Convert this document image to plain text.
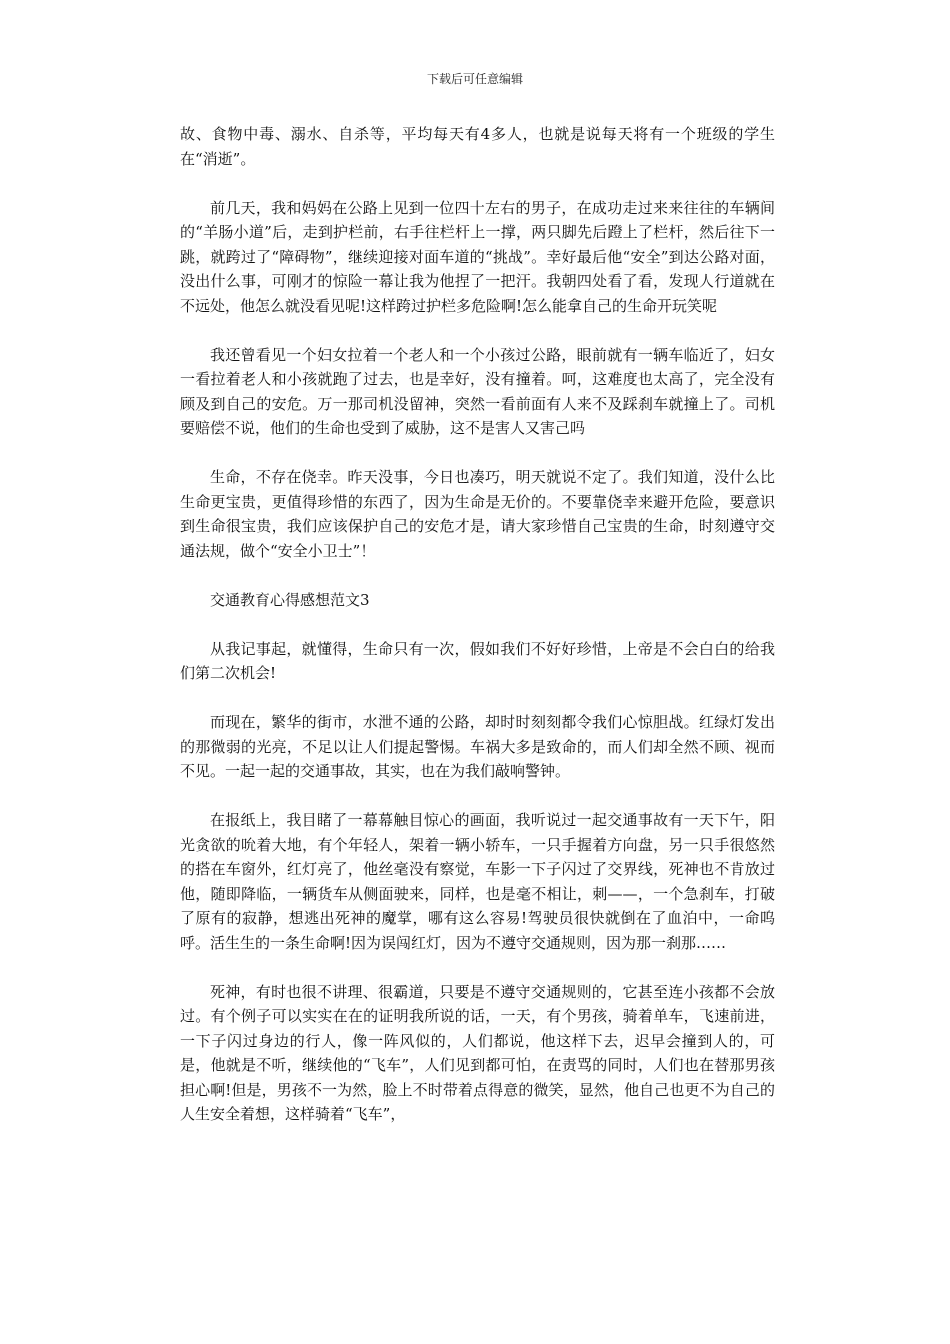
下载后可任意编辑

故、食物中毒、溺水、自杀等，平均每天有4多人，也就是说每天将有一个班级的学生在“消逝”。

前几天，我和妈妈在公路上见到一位四十左右的男子，在成功走过来来往往的车辆间的“羊肠小道”后，走到护栏前，右手往栏杆上一撑，两只脚先后蹬上了栏杆，然后往下一跳，就跨过了“障碍物”，继续迎接对面车道的“挑战”。幸好最后他“安全”到达公路对面，没出什么事，可刚才的惊险一幕让我为他捏了一把汗。我朝四处看了看，发现人行道就在不远处，他怎么就没看见呢!这样跨过护栏多危险啊!怎么能拿自己的生命开玩笑呢

我还曾看见一个妇女拉着一个老人和一个小孩过公路，眼前就有一辆车临近了，妇女一看拉着老人和小孩就跑了过去，也是幸好，没有撞着。呵，这难度也太高了，完全没有顾及到自己的安危。万一那司机没留神，突然一看前面有人来不及踩刹车就撞上了。司机要赔偿不说，他们的生命也受到了威胁，这不是害人又害己吗

生命，不存在侥幸。昨天没事，今日也凑巧，明天就说不定了。我们知道，没什么比生命更宝贵，更值得珍惜的东西了，因为生命是无价的。不要靠侥幸来避开危险，要意识到生命很宝贵，我们应该保护自己的安危才是，请大家珍惜自己宝贵的生命，时刻遵守交通法规，做个“安全小卫士”！

交通教育心得感想范文3

从我记事起，就懂得，生命只有一次，假如我们不好好珍惜，上帝是不会白白的给我们第二次机会!

而现在，繁华的街市，水泄不通的公路，却时时刻刻都令我们心惊胆战。红绿灯发出的那微弱的光亮，不足以让人们提起警惕。车祸大多是致命的，而人们却全然不顾、视而不见。一起一起的交通事故，其实，也在为我们敲响警钟。

在报纸上，我目睹了一幕幕触目惊心的画面，我听说过一起交通事故有一天下午，阳光贪欲的吮着大地，有个年轻人，架着一辆小轿车，一只手握着方向盘，另一只手很悠然的搭在车窗外，红灯亮了，他丝毫没有察觉，车影一下子闪过了交界线，死神也不肯放过他，随即降临，一辆货车从侧面驶来，同样，也是毫不相让，刺——，一个急刹车，打破了原有的寂静，想逃出死神的魔掌，哪有这么容易!驾驶员很快就倒在了血泊中，一命呜呼。活生生的一条生命啊!因为误闯红灯，因为不遵守交通规则，因为那一刹那……

死神，有时也很不讲理、很霸道，只要是不遵守交通规则的，它甚至连小孩都不会放过。有个例子可以实实在在的证明我所说的话，一天，有个男孩，骑着单车，飞速前进，一下子闪过身边的行人，像一阵风似的，人们都说，他这样下去，迟早会撞到人的，可是，他就是不听，继续他的“飞车”，人们见到都可怕，在责骂的同时，人们也在替那男孩担心啊!但是，男孩不一为然，脸上不时带着点得意的微笑，显然，他自己也更不为自己的人生安全着想，这样骑着“飞车”，
